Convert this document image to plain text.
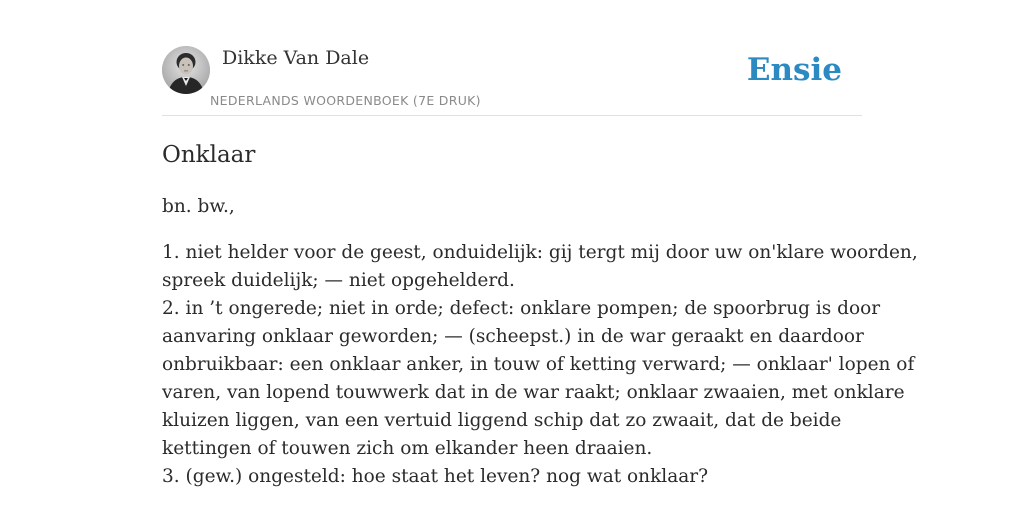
Dikke Van Dale
NEDERLANDS WOORDENBOEK (7E DRUK)
Ensie
Onklaar
bn. bw.,
1. niet helder voor de geest, onduidelijk: gij tergt mij door uw on'klare woorden,
spreek duidelijk; — niet opgehelderd.
2. in ’t ongerede; niet in orde; defect: onklare pompen; de spoorbrug is door
aanvaring onklaar geworden; — (scheepst.) in de war geraakt en daardoor
onbruikbaar: een onklaar anker, in touw of ketting verward; — onklaar' lopen of
varen, van lopend touwwerk dat in de war raakt; onklaar zwaaien, met onklare
kluizen liggen, van een vertuid liggend schip dat zo zwaait, dat de beide
kettingen of touwen zich om elkander heen draaien.
3. (gew.) ongesteld: hoe staat het leven? nog wat onklaar?
